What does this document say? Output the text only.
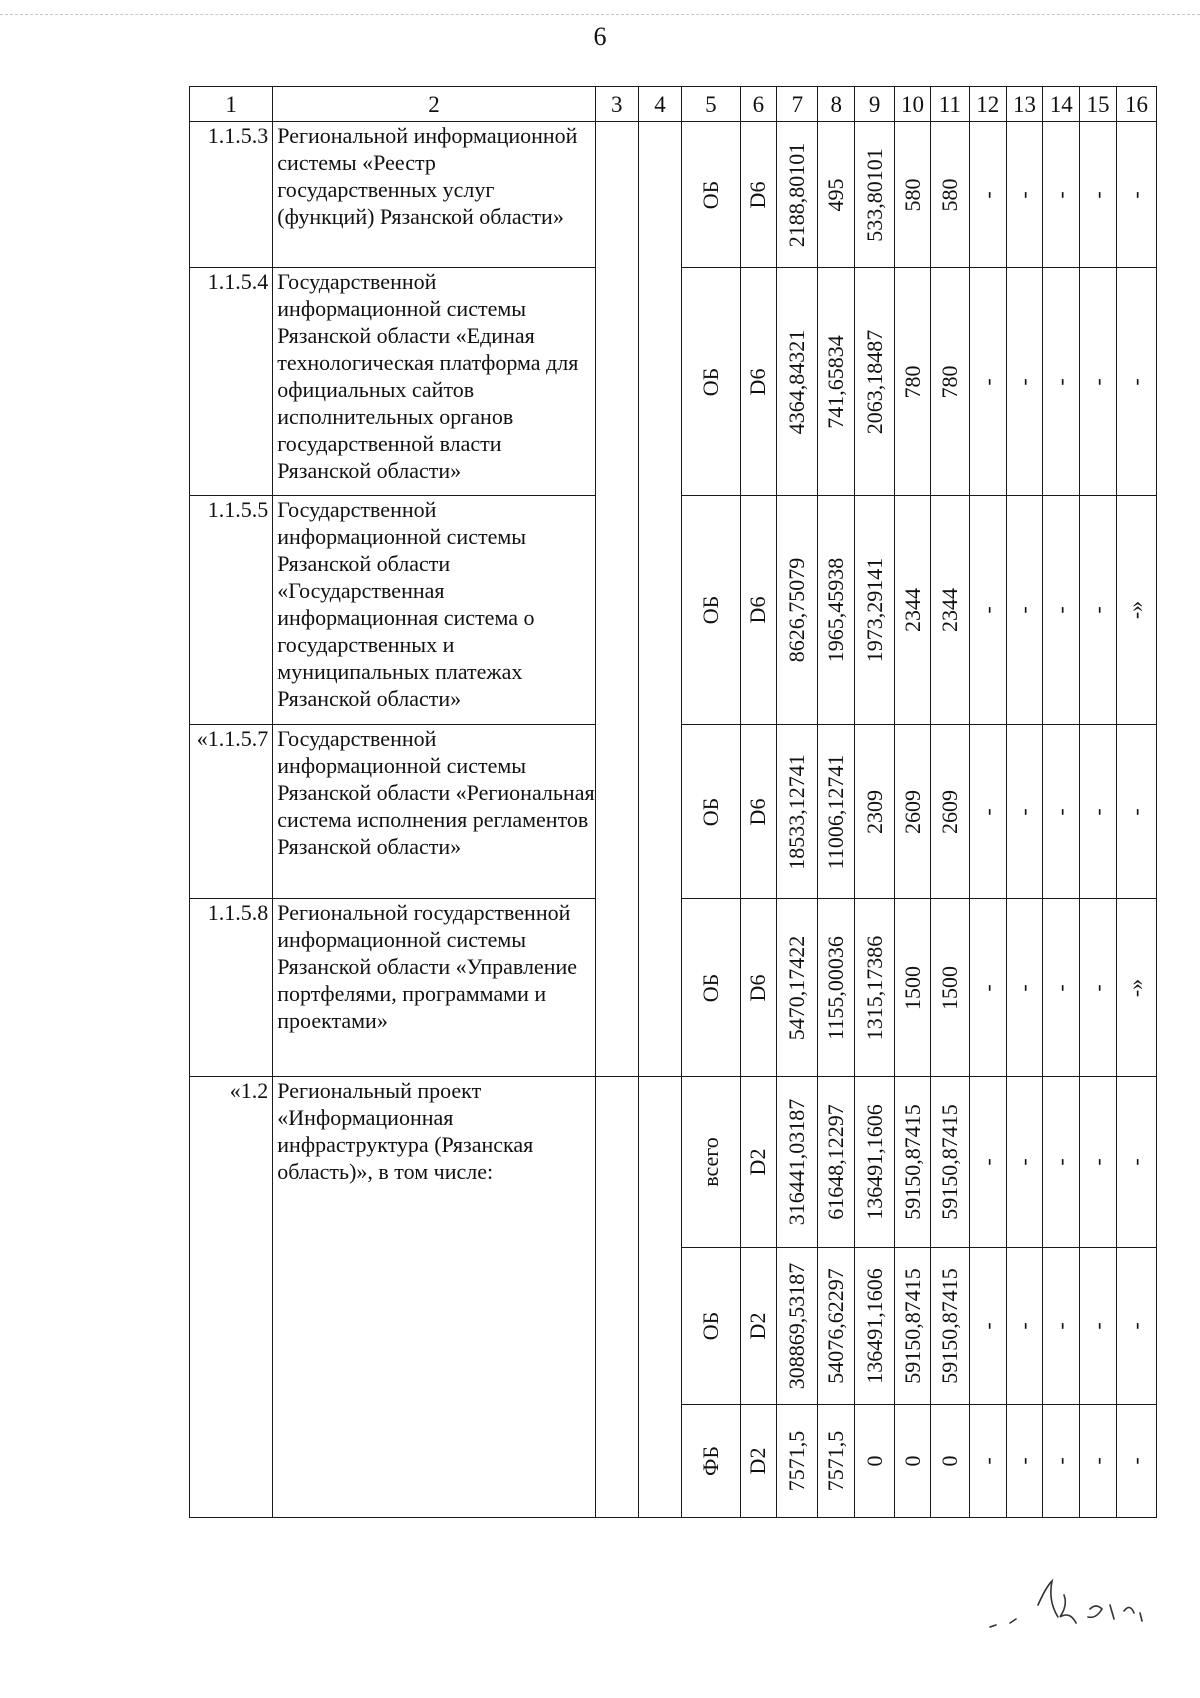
6
1	2	3	4	5	6	7	8	9	10	11	12	13	14	15	16
1.1.5.3	Региональной информационной системы «Реестр государственных услуг (функций) Рязанской области»			ОБ	D6	2188,80101	495	533,80101	580	580	-	-	-	-	-

1.1.5.4	Государственной информационной системы Рязанской области «Единая технологическая платформа для официальных сайтов исполнительных органов государственной власти Рязанской области»			ОБ	D6	4364,84321	741,65834	2063,18487	780	780	-	-	-	-	-

1.1.5.5	Государственной информационной системы Рязанской области «Государственная информационная система о государственных и муниципальных платежах Рязанской области»			ОБ	D6	8626,75079	1965,45938	1973,29141	2344	2344	-	-	-	-	-»

«1.1.5.7	Государственной информационной системы Рязанской области «Региональная система исполнения регламентов Рязанской области»			ОБ	D6	18533,12741	11006,12741	2309	2609	2609	-	-	-	-	-

1.1.5.8	Региональной государственной информационной системы Рязанской области «Управление портфелями, программами и проектами»			ОБ	D6	5470,17422	1155,00036	1315,17386	1500	1500	-	-	-	-	-»

«1.2	Региональный проект «Информационная инфраструктура (Рязанская область)», в том числе:			всего	D2	316441,03187	61648,12297	136491,1606	59150,87415	59150,87415	-	-	-	-	-

				ОБ	D2	308869,53187	54076,62297	136491,1606	59150,87415	59150,87415	-	-	-	-	-

				ФБ	D2	7571,5	7571,5	0	0	0	-	-	-	-	-
